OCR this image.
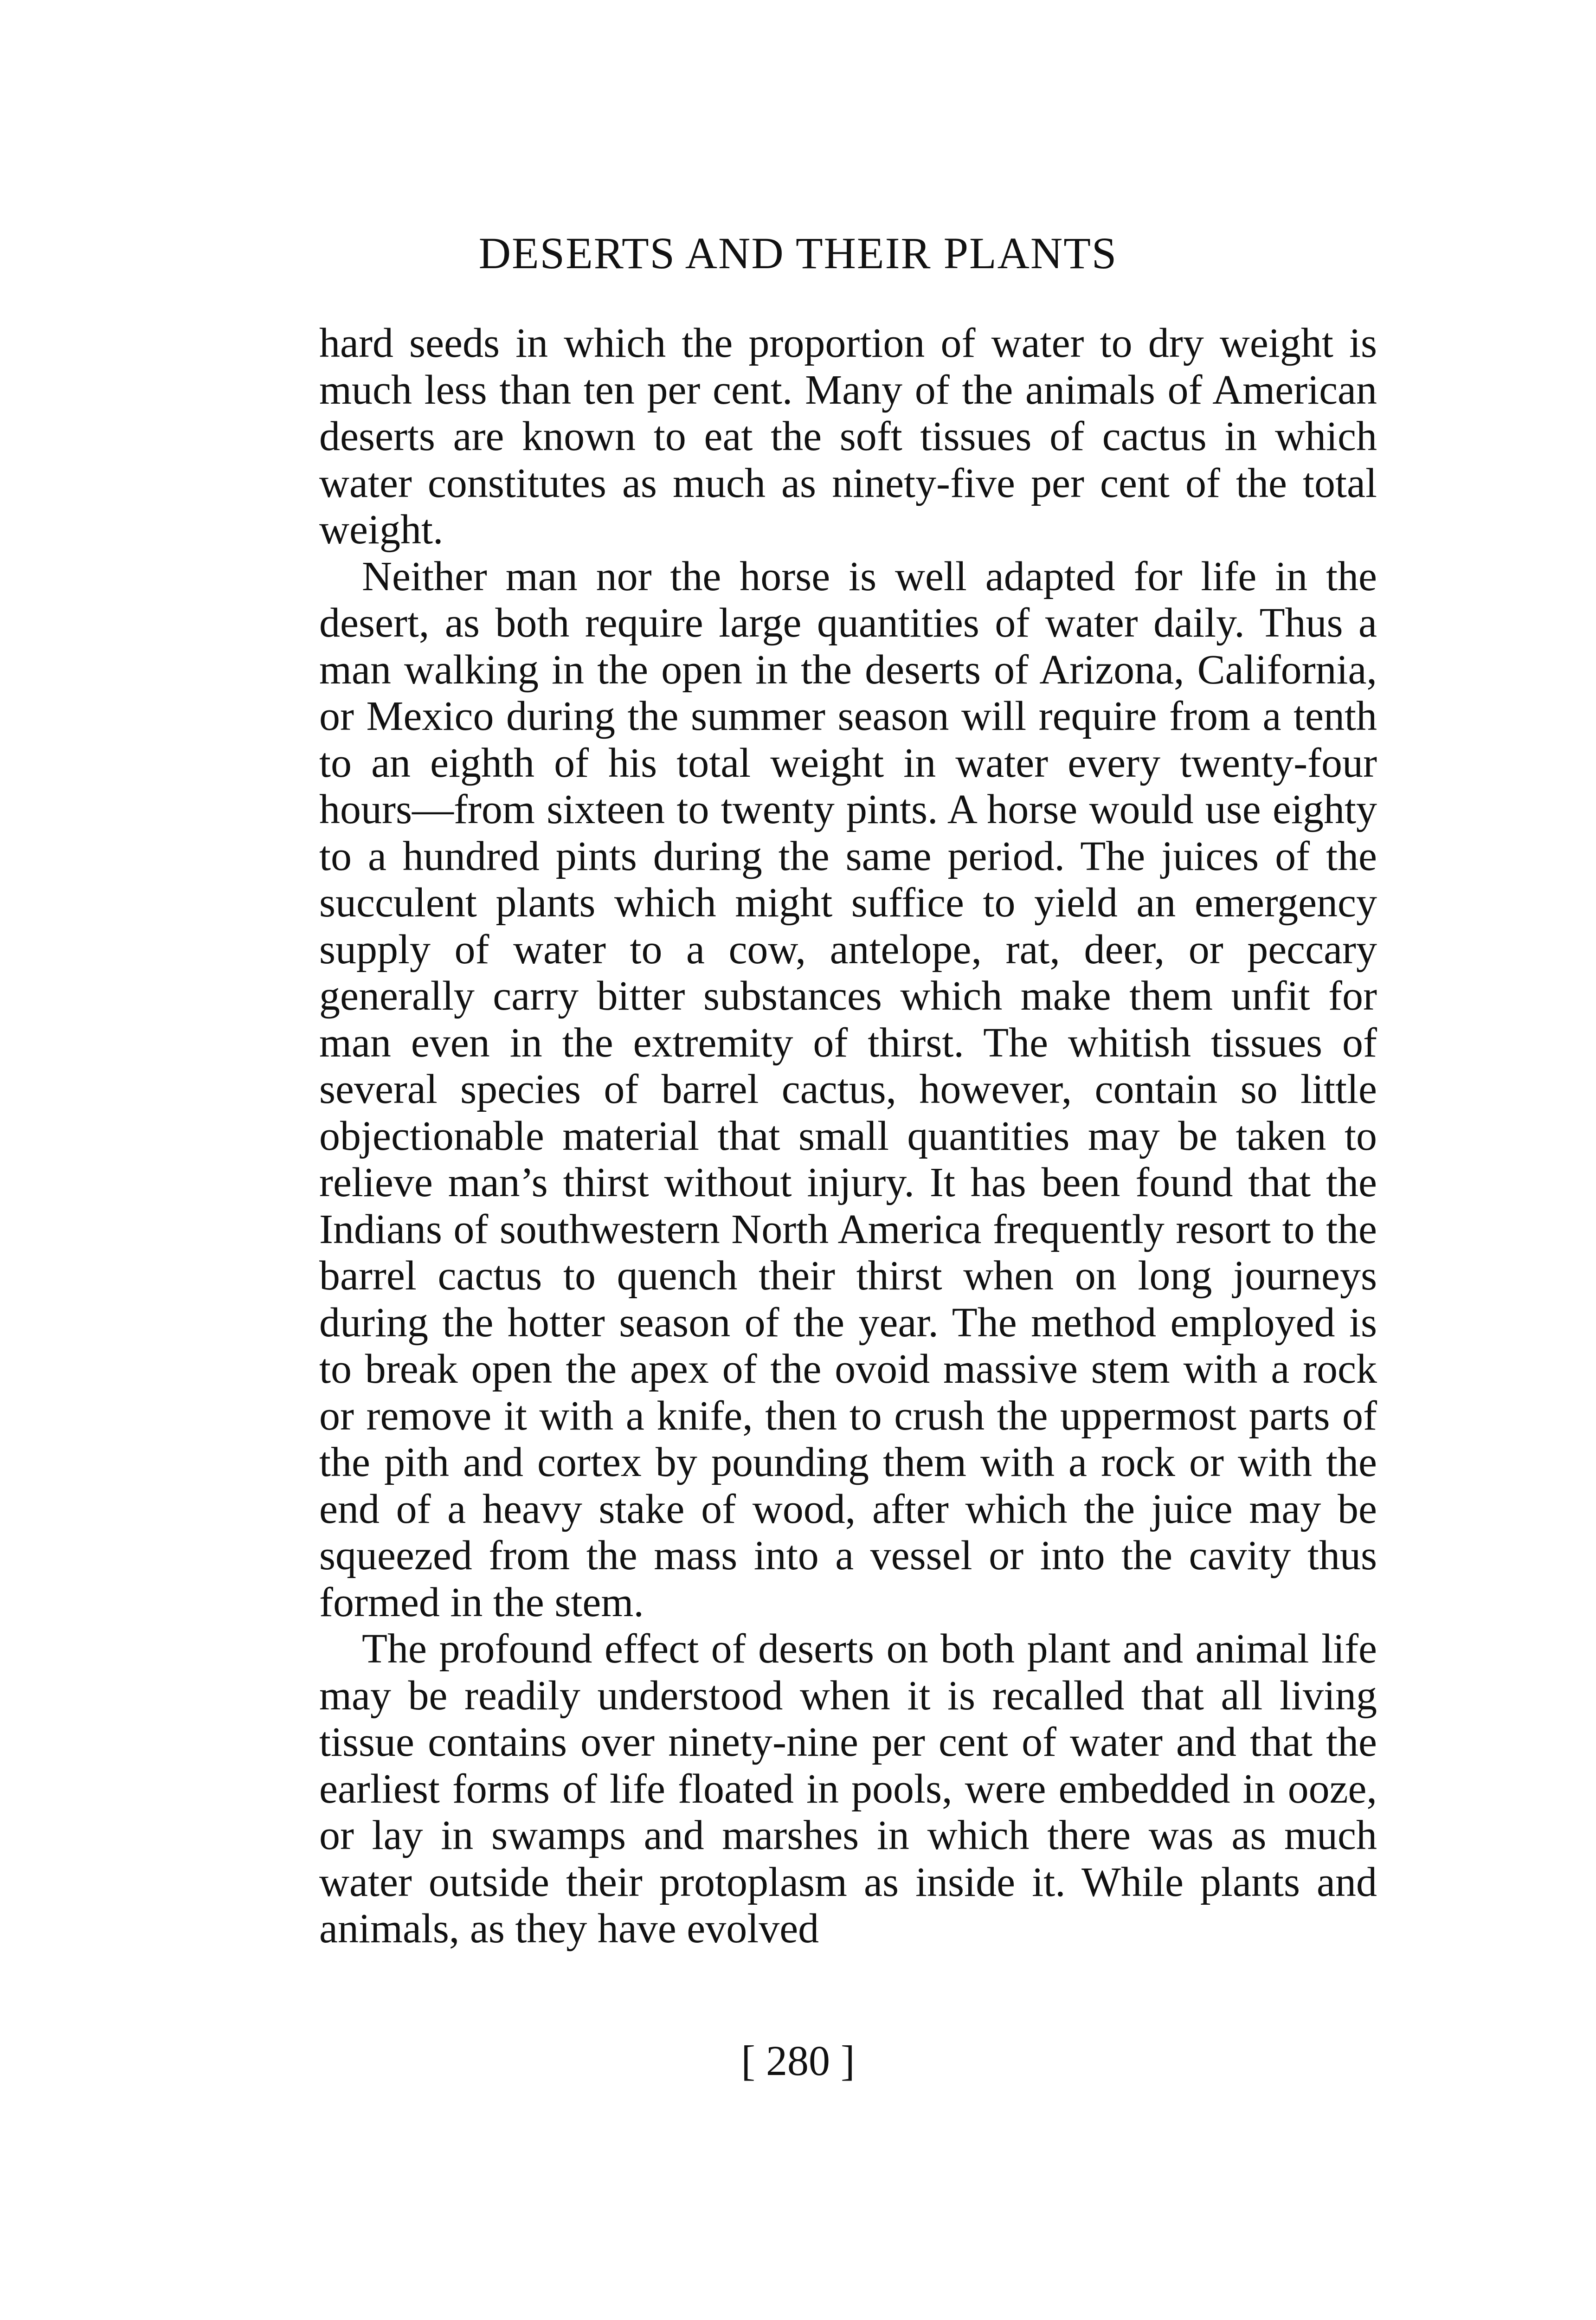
DESERTS AND THEIR PLANTS

hard seeds in which the proportion of water to dry weight is much less than ten per cent. Many of the animals of American deserts are known to eat the soft tissues of cactus in which water constitutes as much as ninety-five per cent of the total weight.

Neither man nor the horse is well adapted for life in the desert, as both require large quantities of water daily. Thus a man walking in the open in the deserts of Arizona, California, or Mexico during the summer season will require from a tenth to an eighth of his total weight in water every twenty-four hours—from sixteen to twenty pints. A horse would use eighty to a hundred pints during the same period. The juices of the succulent plants which might suffice to yield an emergency supply of water to a cow, antelope, rat, deer, or peccary generally carry bitter substances which make them unfit for man even in the extremity of thirst. The whitish tissues of several species of barrel cactus, however, contain so little objectionable material that small quantities may be taken to relieve man’s thirst without injury. It has been found that the Indians of southwestern North America frequently resort to the barrel cactus to quench their thirst when on long journeys during the hotter season of the year. The method employed is to break open the apex of the ovoid massive stem with a rock or remove it with a knife, then to crush the uppermost parts of the pith and cortex by pounding them with a rock or with the end of a heavy stake of wood, after which the juice may be squeezed from the mass into a vessel or into the cavity thus formed in the stem.

The profound effect of deserts on both plant and animal life may be readily understood when it is recalled that all living tissue contains over ninety-nine per cent of water and that the earliest forms of life floated in pools, were embedded in ooze, or lay in swamps and marshes in which there was as much water outside their protoplasm as inside it. While plants and animals, as they have evolved

[ 280 ]
